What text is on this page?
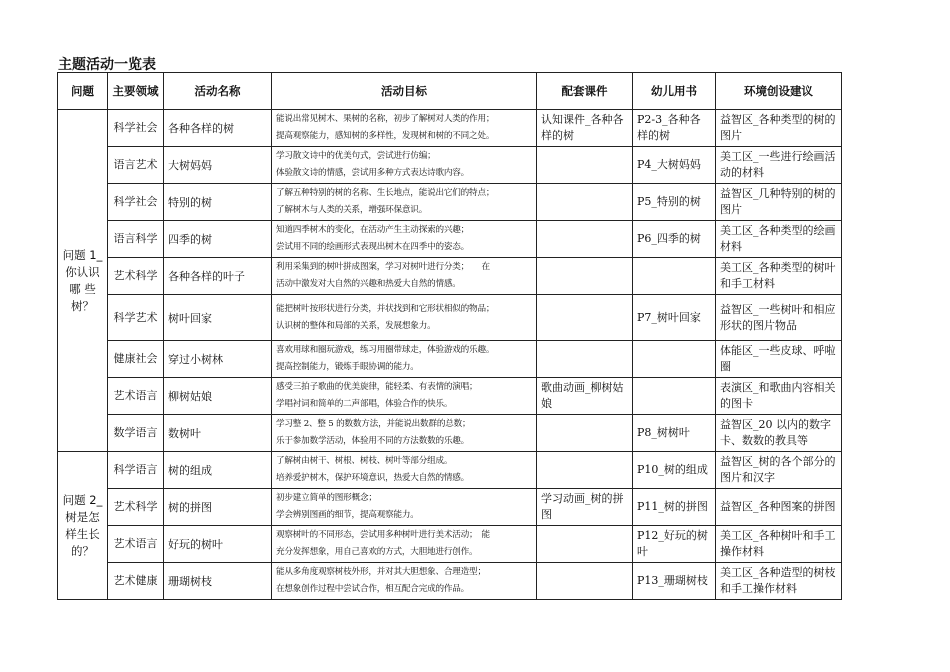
主题活动一览表
问题	主要领域	活动名称	活动目标	配套课件	幼儿用书	环境创设建议
问题 1_你认识哪 些树？	科学社会	各种各样的树	能说出常见树木、果树的名称，初步了解树对人类的作用；
提高观察能力，感知树的多样性，发现树和树的不同之处。	认知课件_各种各样的树	P2-3_各种各样的树	益智区_各种类型的树的图片
	语言艺术	大树妈妈	学习散文诗中的优美句式，尝试进行仿编；
体验散文诗的情感，尝试用多种方式表达诗歌内容。		P4_大树妈妈	美工区_一些进行绘画活动的材料
	科学社会	特别的树	了解五种特别的树的名称、生长地点，能说出它们的特点；
了解树木与人类的关系，增强环保意识。		P5_特别的树	益智区_几种特别的树的图片
	语言科学	四季的树	知道四季树木的变化，在活动产生主动探索的兴趣；
尝试用不同的绘画形式表现出树木在四季中的姿态。		P6_四季的树	美工区_各种类型的绘画材料
	艺术科学	各种各样的叶子	利用采集到的树叶拼成图案，学习对树叶进行分类；　　在
活动中激发对大自然的兴趣和热爱大自然的情感。			美工区_各种类型的树叶和手工材料
	科学艺术	树叶回家	能把树叶按形状进行分类，并状找到和它形状相似的物品；
认识树的整体和局部的关系，发展想象力。		P7_树叶回家	益智区_一些树叶和相应形状的图片物品
	健康社会	穿过小树林	喜欢用球和圈玩游戏，练习用圈带球走，体验游戏的乐趣。
提高控制能力，锻炼手眼协调的能力。			体能区_一些皮球、呼啦圈
	艺术语言	柳树姑娘	感受三拍子歌曲的优美旋律，能轻柔、有表情的演唱；
学唱衬词和简单的二声部唱，体验合作的快乐。	歌曲动画_柳树姑娘		表演区_和歌曲内容相关的图卡
	数学语言	数树叶	学习整 2、整 5 的数数方法，并能说出数群的总数；
乐于参加数学活动，体验用不同的方法数数的乐趣。		P8_树树叶	益智区_20 以内的数字卡、数数的教具等
问题 2_树是怎样生长的？	科学语言	树的组成	了解树由树干、树根、树枝、树叶等部分组成。
培养爱护树木，保护环境意识，热爱大自然的情感。		P10_树的组成	益智区_树的各个部分的图片和汉字
	艺术科学	树的拼图	初步建立简单的图形概念；
学会辨别图画的细节，提高观察能力。	学习动画_树的拼图	P11_树的拼图	益智区_各种图案的拼图
	艺术语言	好玩的树叶	观察树叶的不同形态，尝试用多种树叶进行美术活动；　能
充分发挥想象，用自己喜欢的方式，大胆地进行创作。		P12_好玩的树叶	美工区_各种树叶和手工操作材料
	艺术健康	珊瑚树枝	能从多角度观察树枝外形，并对其大胆想象、合理造型；
在想象创作过程中尝试合作，相互配合完成的作品。		P13_珊瑚树枝	美工区_各种造型的树枝和手工操作材料
